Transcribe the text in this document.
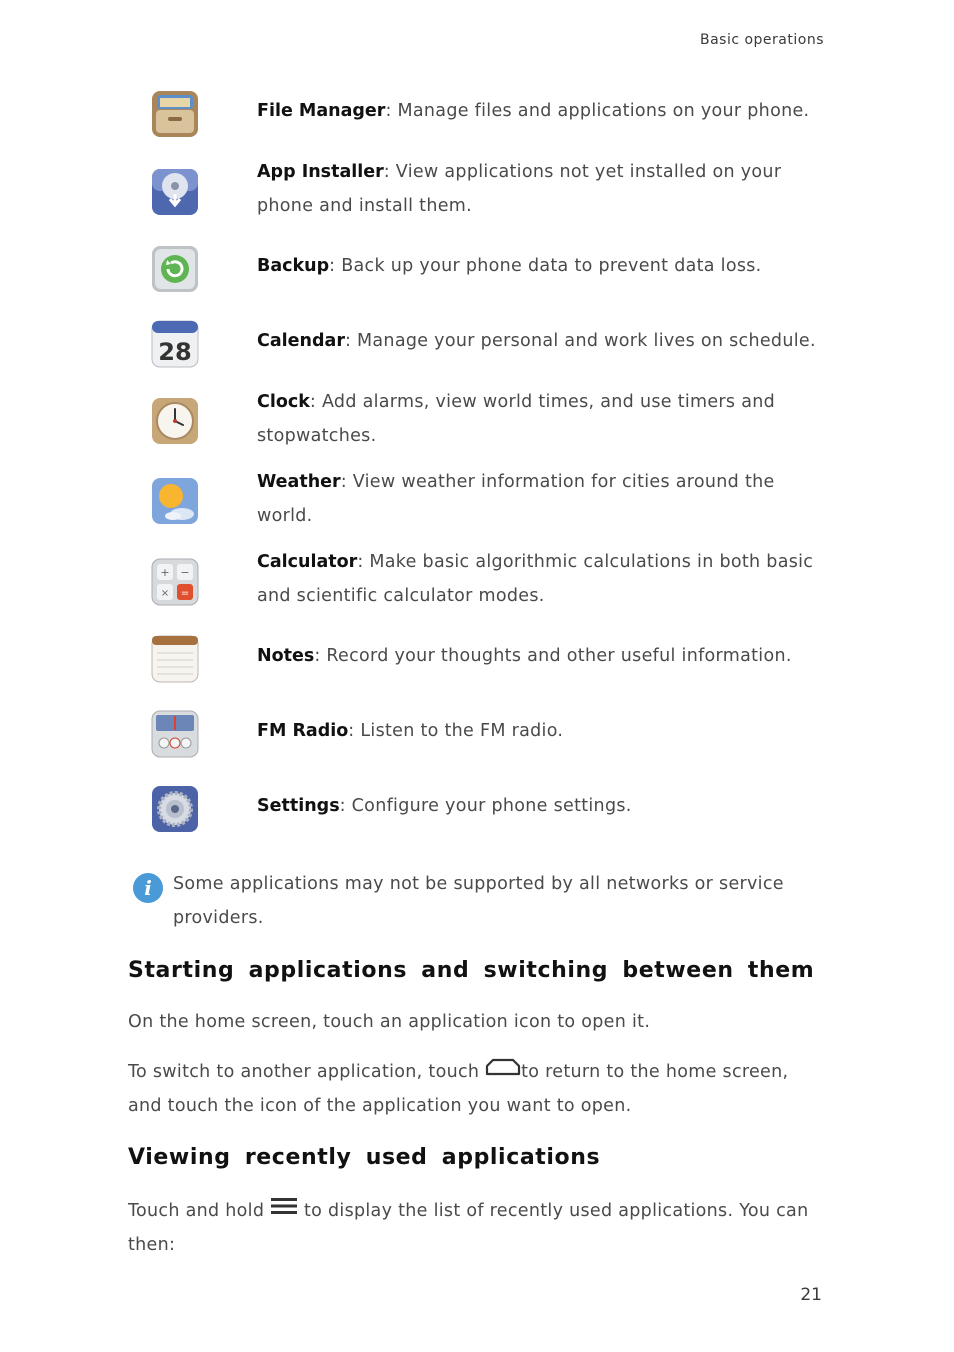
Basic operations
File Manager: Manage files and applications on your phone.
App Installer: View applications not yet installed on your phone and install them.
Backup: Back up your phone data to prevent data loss.
28	Calendar: Manage your personal and work lives on schedule.
Clock: Add alarms, view world times, and use timers and stopwatches.
Weather: View weather information for cities around the world.
+ −
× =
Calculator: Make basic algorithmic calculations in both basic and scientific calculator modes.
Notes: Record your thoughts and other useful information.
FM Radio: Listen to the FM radio.
Settings: Configure your phone settings.
i	Some applications may not be supported by all networks or service providers.
Starting applications and switching between them
On the home screen, touch an application icon to open it.
To switch to another application, touch to return to the home screen, and touch the icon of the application you want to open.
Viewing recently used applications
Touch and hold  to display the list of recently used applications. You can then:
21
